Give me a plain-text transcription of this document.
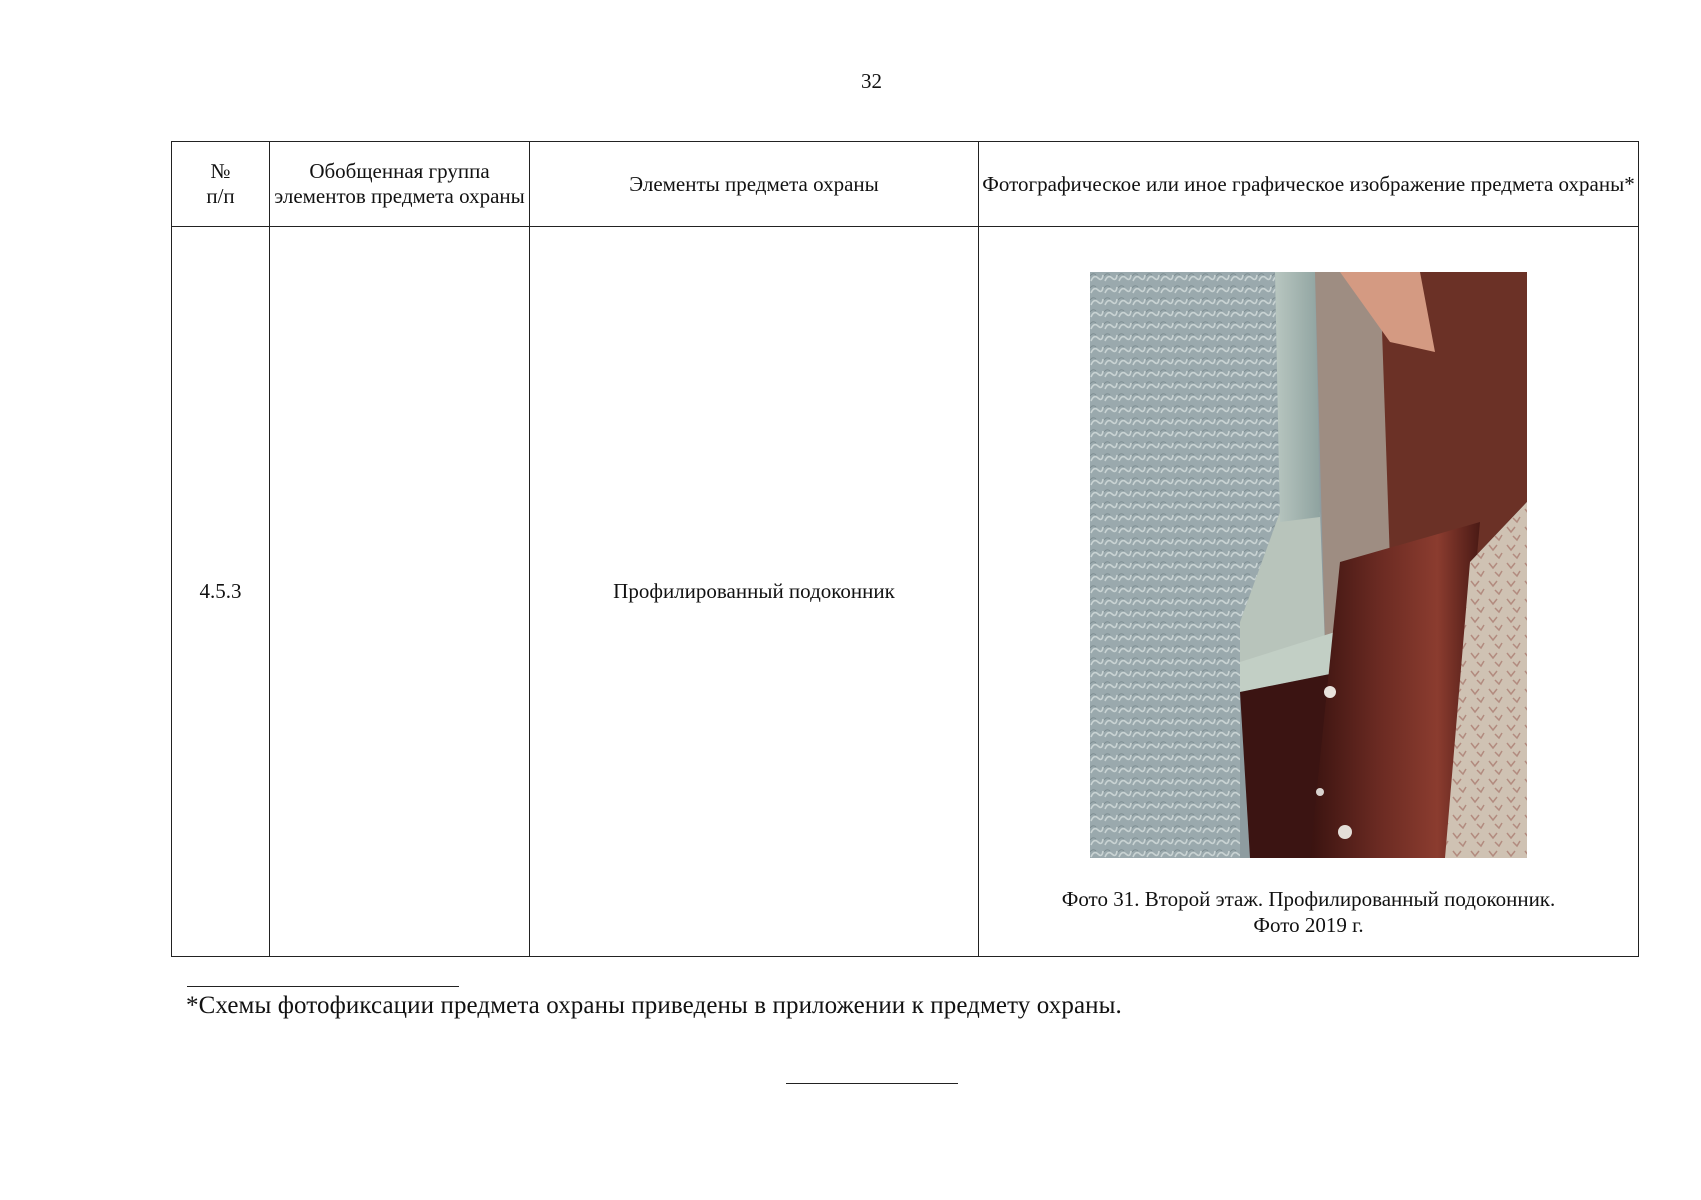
32
№
п/п	Обобщенная группа элементов предмета охраны	Элементы предмета охраны	Фотографическое или иное графическое изображение предмета охраны*
4.5.3		Профилированный подоконник	Фото 31. Второй этаж. Профилированный подоконник.
Фото 2019 г.
*Схемы фотофиксации предмета охраны приведены в приложении к предмету охраны.
